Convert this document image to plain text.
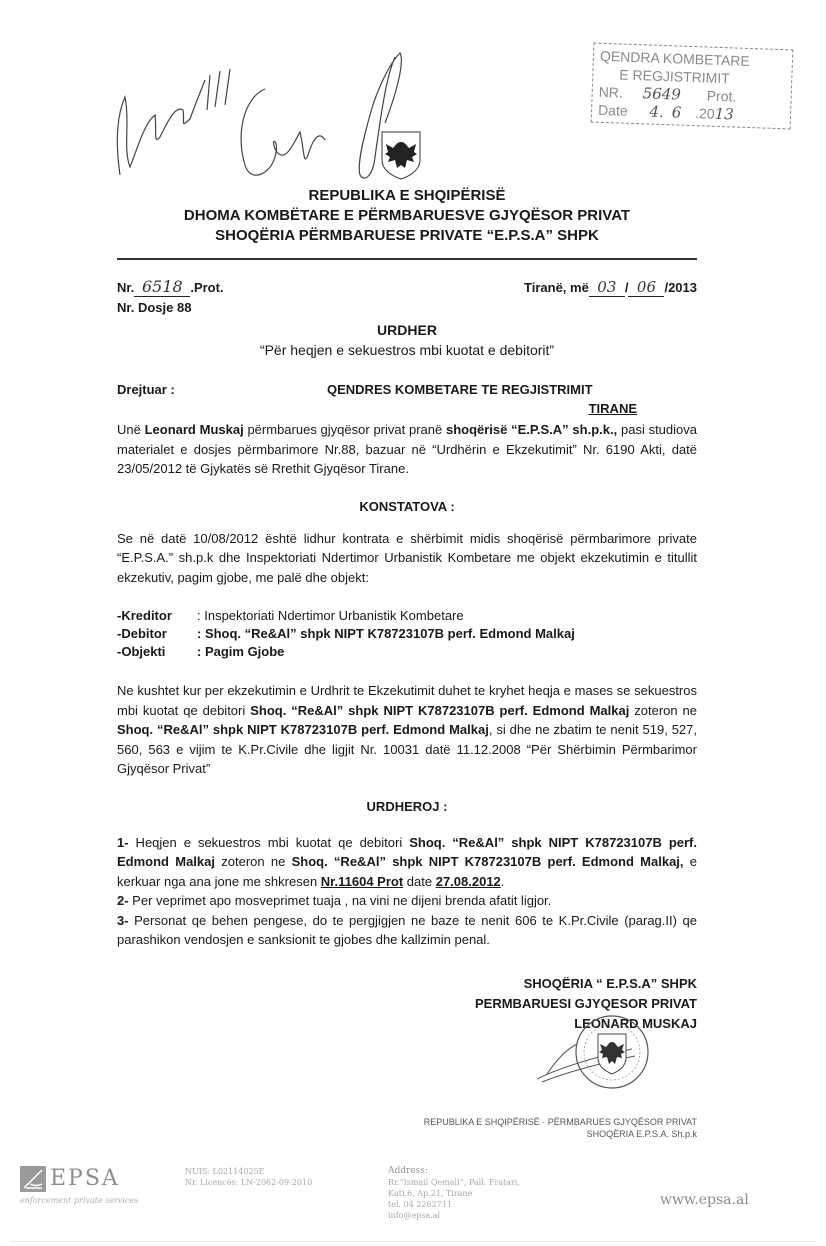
QENDRA KOMBETARE
E REGJISTRIMIT
NR. 5649 Prot.
Date 4. 6 .2013
REPUBLIKA E SHQIPËRISË
DHOMA KOMBËTARE E PËRMBARUESVE GJYQËSOR PRIVAT
SHOQËRIA PËRMBARUESE PRIVATE “E.P.S.A” SHPK
Nr. 6518 .Prot.
Nr. Dosje 88
Tiranë, më 03 / 06 /2013
URDHER
“Për heqjen e sekuestros mbi kuotat e debitorit”
Drejtuar :	QENDRES KOMBETARE TE REGJISTRIMIT
TIRANE

Unë Leonard Muskaj përmbarues gjyqësor privat pranë shoqërisë “E.P.S.A” sh.p.k., pasi studiova materialet e dosjes përmbarimore Nr.88, bazuar në “Urdhërin e Ekzekutimit” Nr. 6190 Akti, datë 23/05/2012 të Gjykatës së Rrethit Gjyqësor Tirane.

KONSTATOVA :

Se në datë 10/08/2012 është lidhur kontrata e shërbimit midis shoqërisë përmbarimore private “E.P.S.A.” sh.p.k dhe Inspektoriati Ndertimor Urbanistik Kombetare me objekt ekzekutimin e titullit ekzekutiv, pagim gjobe, me palë dhe objekt:

-Kreditor	: Inspektoriati Ndertimor Urbanistik Kombetare
-Debitor	: Shoq. “Re&Al” shpk NIPT K78723107B perf. Edmond Malkaj
-Objekti	: Pagim Gjobe

Ne kushtet kur per ekzekutimin e Urdhrit te Ekzekutimit duhet te kryhet heqja e mases se sekuestros mbi kuotat qe debitori Shoq. “Re&Al” shpk NIPT K78723107B perf. Edmond Malkaj zoteron ne Shoq. “Re&Al” shpk NIPT K78723107B perf. Edmond Malkaj, si dhe ne zbatim te nenit 519, 527, 560, 563 e vijim te K.Pr.Civile dhe ligjit Nr. 10031 datë 11.12.2008 “Për Shërbimin Përmbarimor Gjyqësor Privat”

URDHEROJ :

1- Heqjen e sekuestros mbi kuotat qe debitori Shoq. “Re&Al” shpk NIPT K78723107B perf. Edmond Malkaj zoteron ne Shoq. “Re&Al” shpk NIPT K78723107B perf. Edmond Malkaj, e kerkuar nga ana jone me shkresen Nr.11604 Prot date 27.08.2012.

2- Per veprimet apo mosveprimet tuaja , na vini ne dijeni brenda afatit ligjor.

3- Personat qe behen pengese, do te pergjigjen ne baze te nenit 606 te K.Pr.Civile (parag.II) qe parashikon vendosjen e sanksionit te gjobes dhe kallzimin penal.

SHOQËRIA “ E.P.S.A” SHPK
PERMBARUESI GJYQESOR PRIVAT
LEONARD MUSKAJ
REPUBLIKA E SHQIPËRISË · PËRMBARUES GJYQËSOR PRIVAT
SHOQËRIA E.P.S.A. Sh.p.k
EPSA
enforcement private services
NUIS: L02114025E
Nr. Licencës: LN-2062-09-2010
Address:
Rr.“Ismail Qemali”, Pall. Fratari,
Kati.6, Ap.21, Tirane
tel. 04 2262711
info@epsa.al
www.epsa.al
